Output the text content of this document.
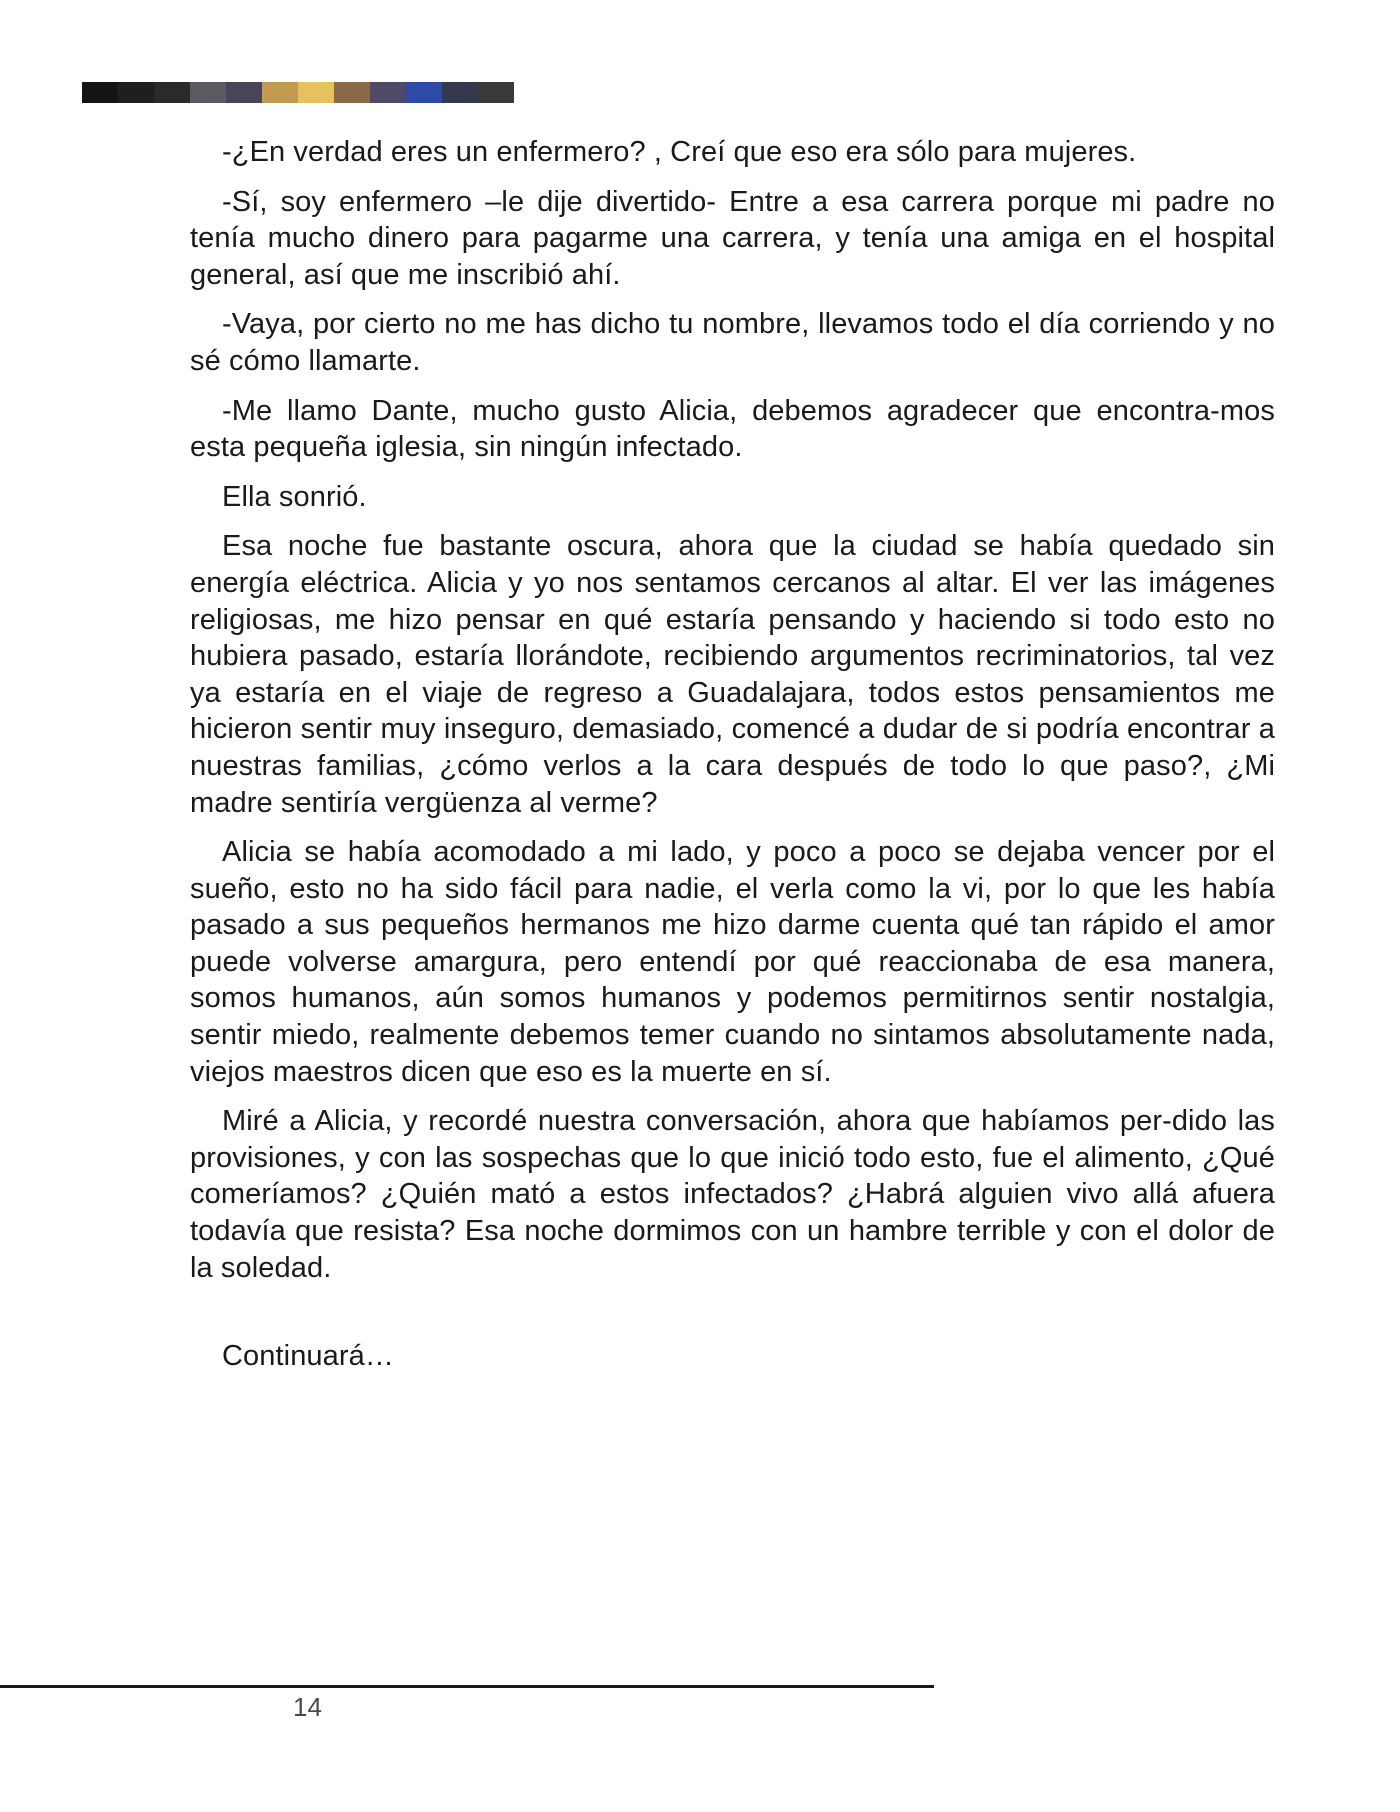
-¿En verdad eres un enfermero? , Creí que eso era sólo para mujeres.

-Sí, soy enfermero –le dije divertido- Entre a esa carrera porque mi padre no tenía mucho dinero para pagarme una carrera, y tenía una amiga en el hospital general, así que me inscribió ahí.

-Vaya, por cierto no me has dicho tu nombre, llevamos todo el día corriendo y no sé cómo llamarte.

-Me llamo Dante, mucho gusto Alicia, debemos agradecer que encontra-mos esta pequeña iglesia, sin ningún infectado.

Ella sonrió.

Esa noche fue bastante oscura, ahora que la ciudad se había quedado sin energía eléctrica. Alicia y yo nos sentamos cercanos al altar. El ver las imágenes religiosas, me hizo pensar en qué estaría pensando y haciendo si todo esto no hubiera pasado, estaría llorándote, recibiendo argumentos recriminatorios, tal vez ya estaría en el viaje de regreso a Guadalajara, todos estos pensamientos me hicieron sentir muy inseguro, demasiado, comencé a dudar de si podría encontrar a nuestras familias, ¿cómo verlos a la cara después de todo lo que paso?, ¿Mi madre sentiría vergüenza al verme?

Alicia se había acomodado a mi lado, y poco a poco se dejaba vencer por el sueño, esto no ha sido fácil para nadie, el verla como la vi, por lo que les había pasado a sus pequeños hermanos me hizo darme cuenta qué tan rápido el amor puede volverse amargura, pero entendí por qué reaccionaba de esa manera, somos humanos, aún somos humanos y podemos permitirnos sentir nostalgia, sentir miedo, realmente debemos temer cuando no sintamos absolutamente nada, viejos maestros dicen que eso es la muerte en sí.

Miré a Alicia, y recordé nuestra conversación, ahora que habíamos per-dido las provisiones, y con las sospechas que lo que inició todo esto, fue el alimento, ¿Qué comeríamos? ¿Quién mató a estos infectados? ¿Habrá alguien vivo allá afuera todavía que resista? Esa noche dormimos con un hambre terrible y con el dolor de la soledad.

Continuará…

14
